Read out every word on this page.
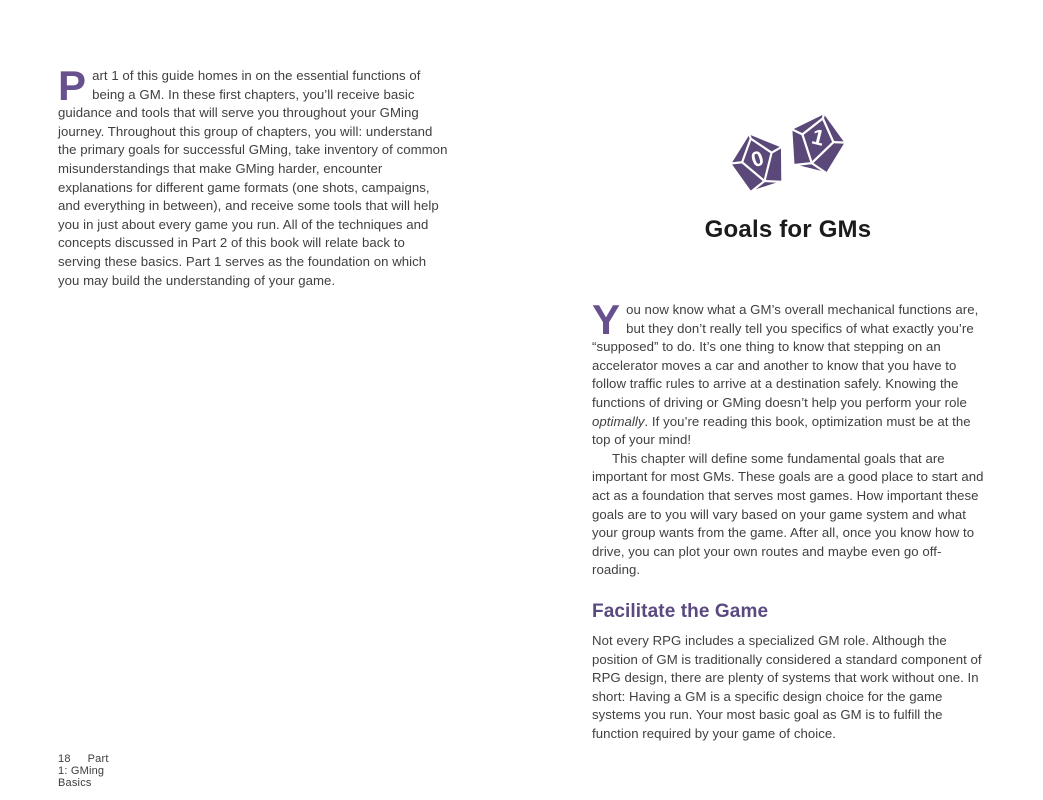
Part 1 of this guide homes in on the essential functions of being a GM. In these first chapters, you’ll receive basic guidance and tools that will serve you throughout your GMing journey. Throughout this group of chapters, you will: understand the primary goals for successful GMing, take inventory of common misunderstandings that make GMing harder, encounter explanations for different game formats (one shots, campaigns, and everything in between), and receive some tools that will help you in just about every game you run. All of the techniques and concepts discussed in Part 2 of this book will relate back to serving these basics. Part 1 serves as the foundation on which you may build the understanding of your game.

18 Part 1: GMing Basics
0
1
Goals for GMs

You now know what a GM’s overall mechanical functions are, but they don’t really tell you specifics of what exactly you’re “supposed” to do. It’s one thing to know that stepping on an accelerator moves a car and another to know that you have to follow traffic rules to arrive at a destination safely. Knowing the functions of driving or GMing doesn’t help you perform your role optimally. If you’re reading this book, optimization must be at the top of your mind!

This chapter will define some fundamental goals that are important for most GMs. These goals are a good place to start and act as a foundation that serves most games. How important these goals are to you will vary based on your game system and what your group wants from the game. After all, once you know how to drive, you can plot your own routes and maybe even go off-roading.

Facilitate the Game

Not every RPG includes a specialized GM role. Although the position of GM is traditionally considered a standard component of RPG design, there are plenty of systems that work without one. In short: Having a GM is a specific design choice for the game systems you run. Your most basic goal as GM is to fulfill the function required by your game of choice.
